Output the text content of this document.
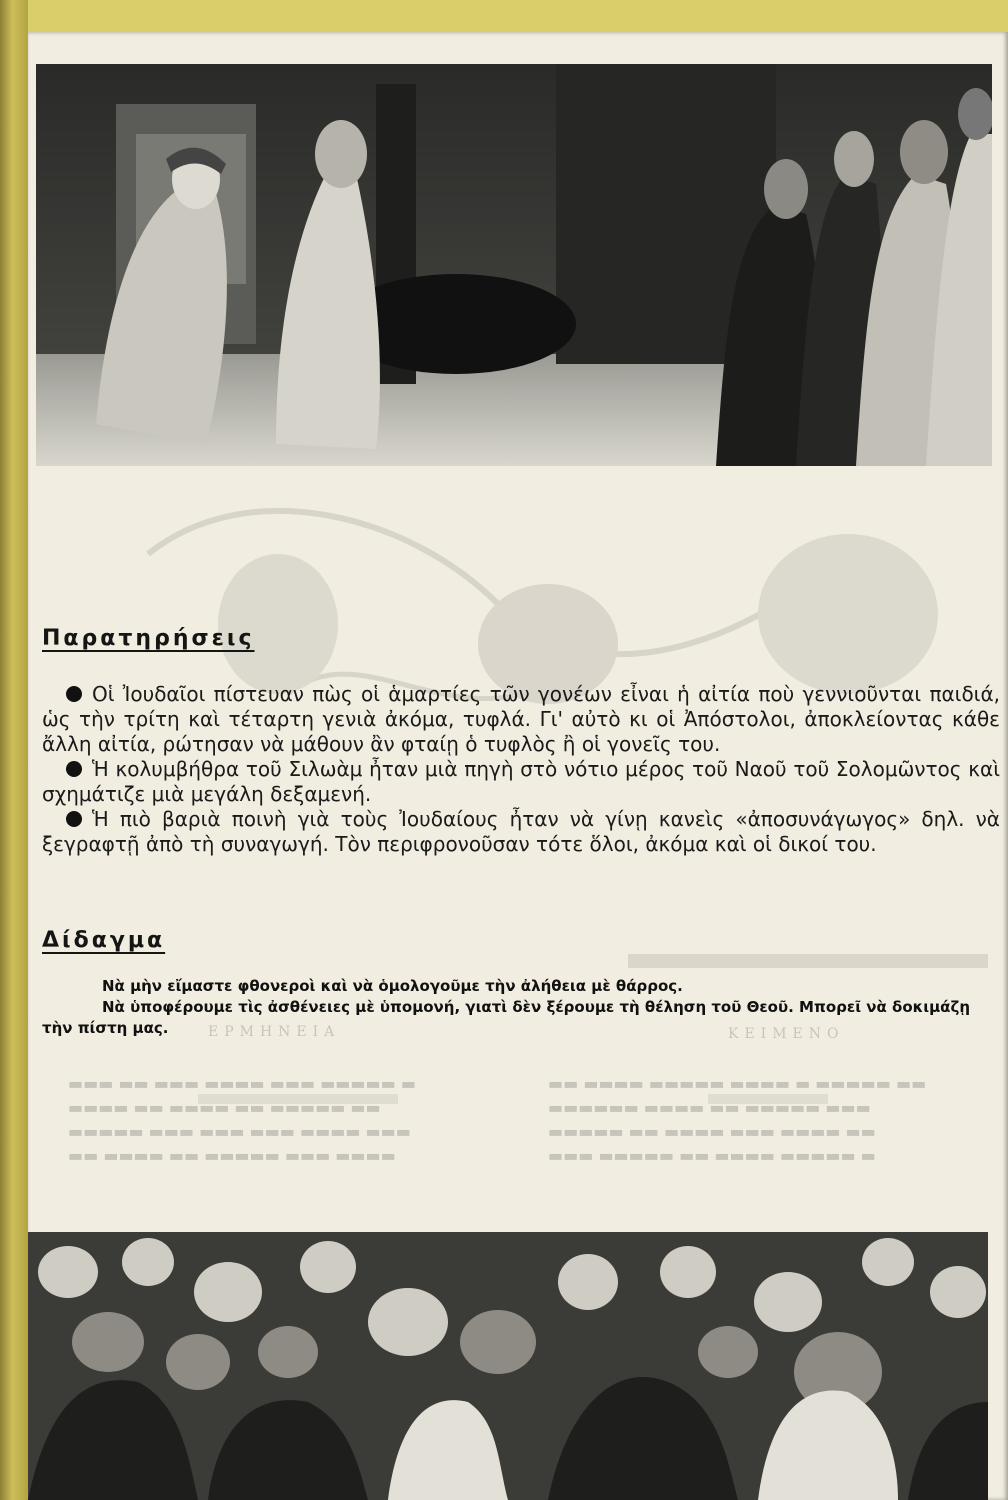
ΕΡΜΗΝΕΙΑ	ΚΕΙΜΕΝΟ
▬▬▬ ▬▬ ▬▬▬ ▬▬▬▬ ▬▬▬ ▬▬▬▬▬ ▬
▬▬▬▬ ▬▬ ▬▬▬▬ ▬▬ ▬▬▬▬▬ ▬▬
▬▬▬▬▬ ▬▬▬ ▬▬▬ ▬▬▬ ▬▬▬▬ ▬▬▬
▬▬ ▬▬▬▬ ▬▬ ▬▬▬▬▬ ▬▬▬ ▬▬▬▬
▬▬ ▬▬▬▬ ▬▬▬▬▬ ▬▬▬▬ ▬ ▬▬▬▬▬ ▬▬
▬▬▬▬▬▬ ▬▬▬▬ ▬▬ ▬▬▬▬▬ ▬▬▬
▬▬▬▬▬ ▬▬ ▬▬▬▬ ▬▬▬ ▬▬▬▬ ▬▬
▬▬▬ ▬▬▬▬▬ ▬▬ ▬▬▬▬ ▬▬▬▬▬ ▬
Παρατηρήσεις

Οἱ Ἰουδαῖοι πίστευαν πὼς οἱ ἁμαρτίες τῶν γονέων εἶναι ἡ αἰτία ποὺ γεννιοῦνται παιδιά, ὡς τὴν τρίτη καὶ τέταρτη γενιὰ ἀκόμα, τυφλά. Γι' αὐτὸ κι οἱ Ἀπόστολοι, ἀποκλείοντας κάθε ἄλλη αἰτία, ρώτησαν νὰ μάθουν ἂν φταίῃ ὁ τυφλὸς ἢ οἱ γονεῖς του.

Ἡ κολυμβήθρα τοῦ Σιλωὰμ ἦταν μιὰ πηγὴ στὸ νότιο μέρος τοῦ Ναοῦ τοῦ Σολομῶντος καὶ σχημάτιζε μιὰ μεγάλη δεξαμενή.

Ἡ πιὸ βαριὰ ποινὴ γιὰ τοὺς Ἰουδαίους ἦταν νὰ γίνῃ κανεὶς «ἀποσυνάγωγος» δηλ. νὰ ξεγραφτῇ ἀπὸ τὴ συναγωγή. Τὸν περιφρονοῦσαν τότε ὅλοι, ἀκόμα καὶ οἱ δικοί του.

Δίδαγμα

Νὰ μὴν εἴμαστε φθονεροὶ καὶ νὰ ὁμολογοῦμε τὴν ἀλήθεια μὲ θάρρος.

Νὰ ὑποφέρουμε τὶς ἀσθένειες μὲ ὑπομονή, γιατὶ δὲν ξέρουμε τὴ θέληση τοῦ Θεοῦ. Μπορεῖ νὰ δοκιμάζῃ τὴν πίστη μας.
